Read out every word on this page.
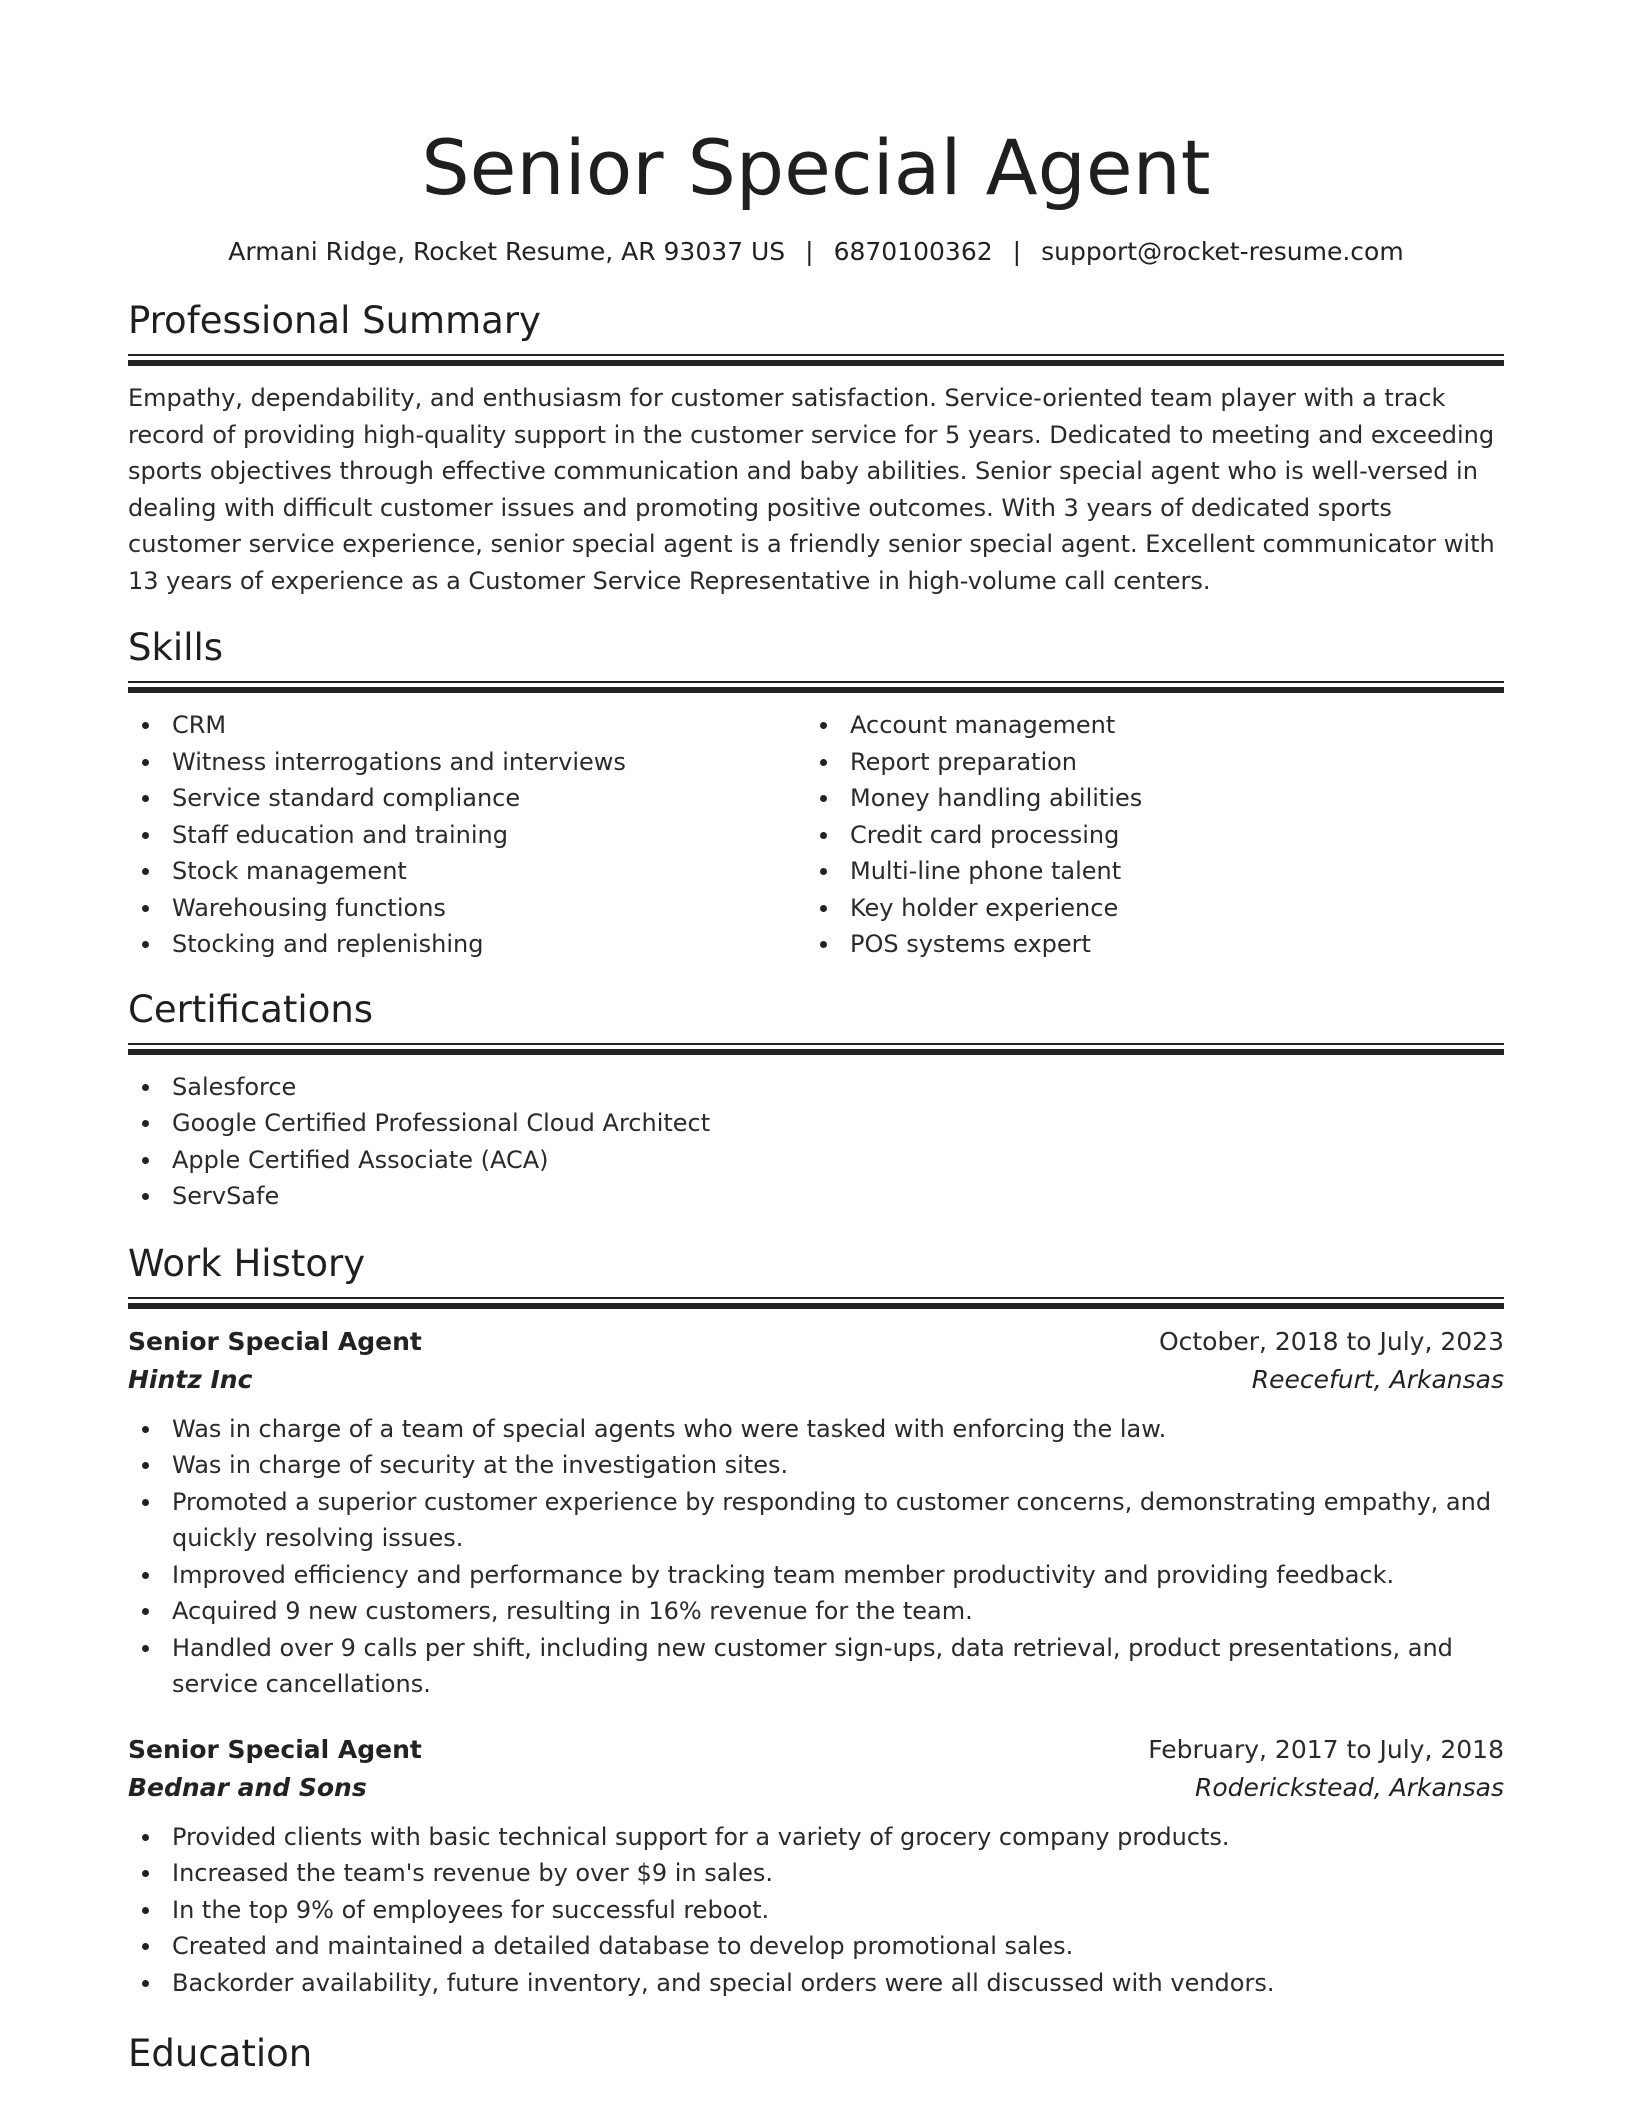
Senior Special Agent
Armani Ridge, Rocket Resume, AR 93037 US | 6870100362 | support@rocket-resume.com
Professional Summary

Empathy, dependability, and enthusiasm for customer satisfaction. Service-oriented team player with a track record of providing high-quality support in the customer service for 5 years. Dedicated to meeting and exceeding sports objectives through effective communication and baby abilities. Senior special agent who is well-versed in dealing with difficult customer issues and promoting positive outcomes. With 3 years of dedicated sports customer service experience, senior special agent is a friendly senior special agent. Excellent communicator with 13 years of experience as a Customer Service Representative in high-volume call centers.

Skills
CRM
Witness interrogations and interviews
Service standard compliance
Staff education and training
Stock management
Warehousing functions
Stocking and replenishing
Account management
Report preparation
Money handling abilities
Credit card processing
Multi-line phone talent
Key holder experience
POS systems expert
Certifications
Salesforce
Google Certified Professional Cloud Architect
Apple Certified Associate (ACA)
ServSafe
Work History
Senior Special Agent	October, 2018 to July, 2023
Hintz Inc	Reecefurt, Arkansas
Was in charge of a team of special agents who were tasked with enforcing the law.
Was in charge of security at the investigation sites.
Promoted a superior customer experience by responding to customer concerns, demonstrating empathy, and quickly resolving issues.
Improved efficiency and performance by tracking team member productivity and providing feedback.
Acquired 9 new customers, resulting in 16% revenue for the team.
Handled over 9 calls per shift, including new customer sign-ups, data retrieval, product presentations, and service cancellations.
Senior Special Agent	February, 2017 to July, 2018
Bednar and Sons	Roderickstead, Arkansas
Provided clients with basic technical support for a variety of grocery company products.
Increased the team's revenue by over $9 in sales.
In the top 9% of employees for successful reboot.
Created and maintained a detailed database to develop promotional sales.
Backorder availability, future inventory, and special orders were all discussed with vendors.
Education
